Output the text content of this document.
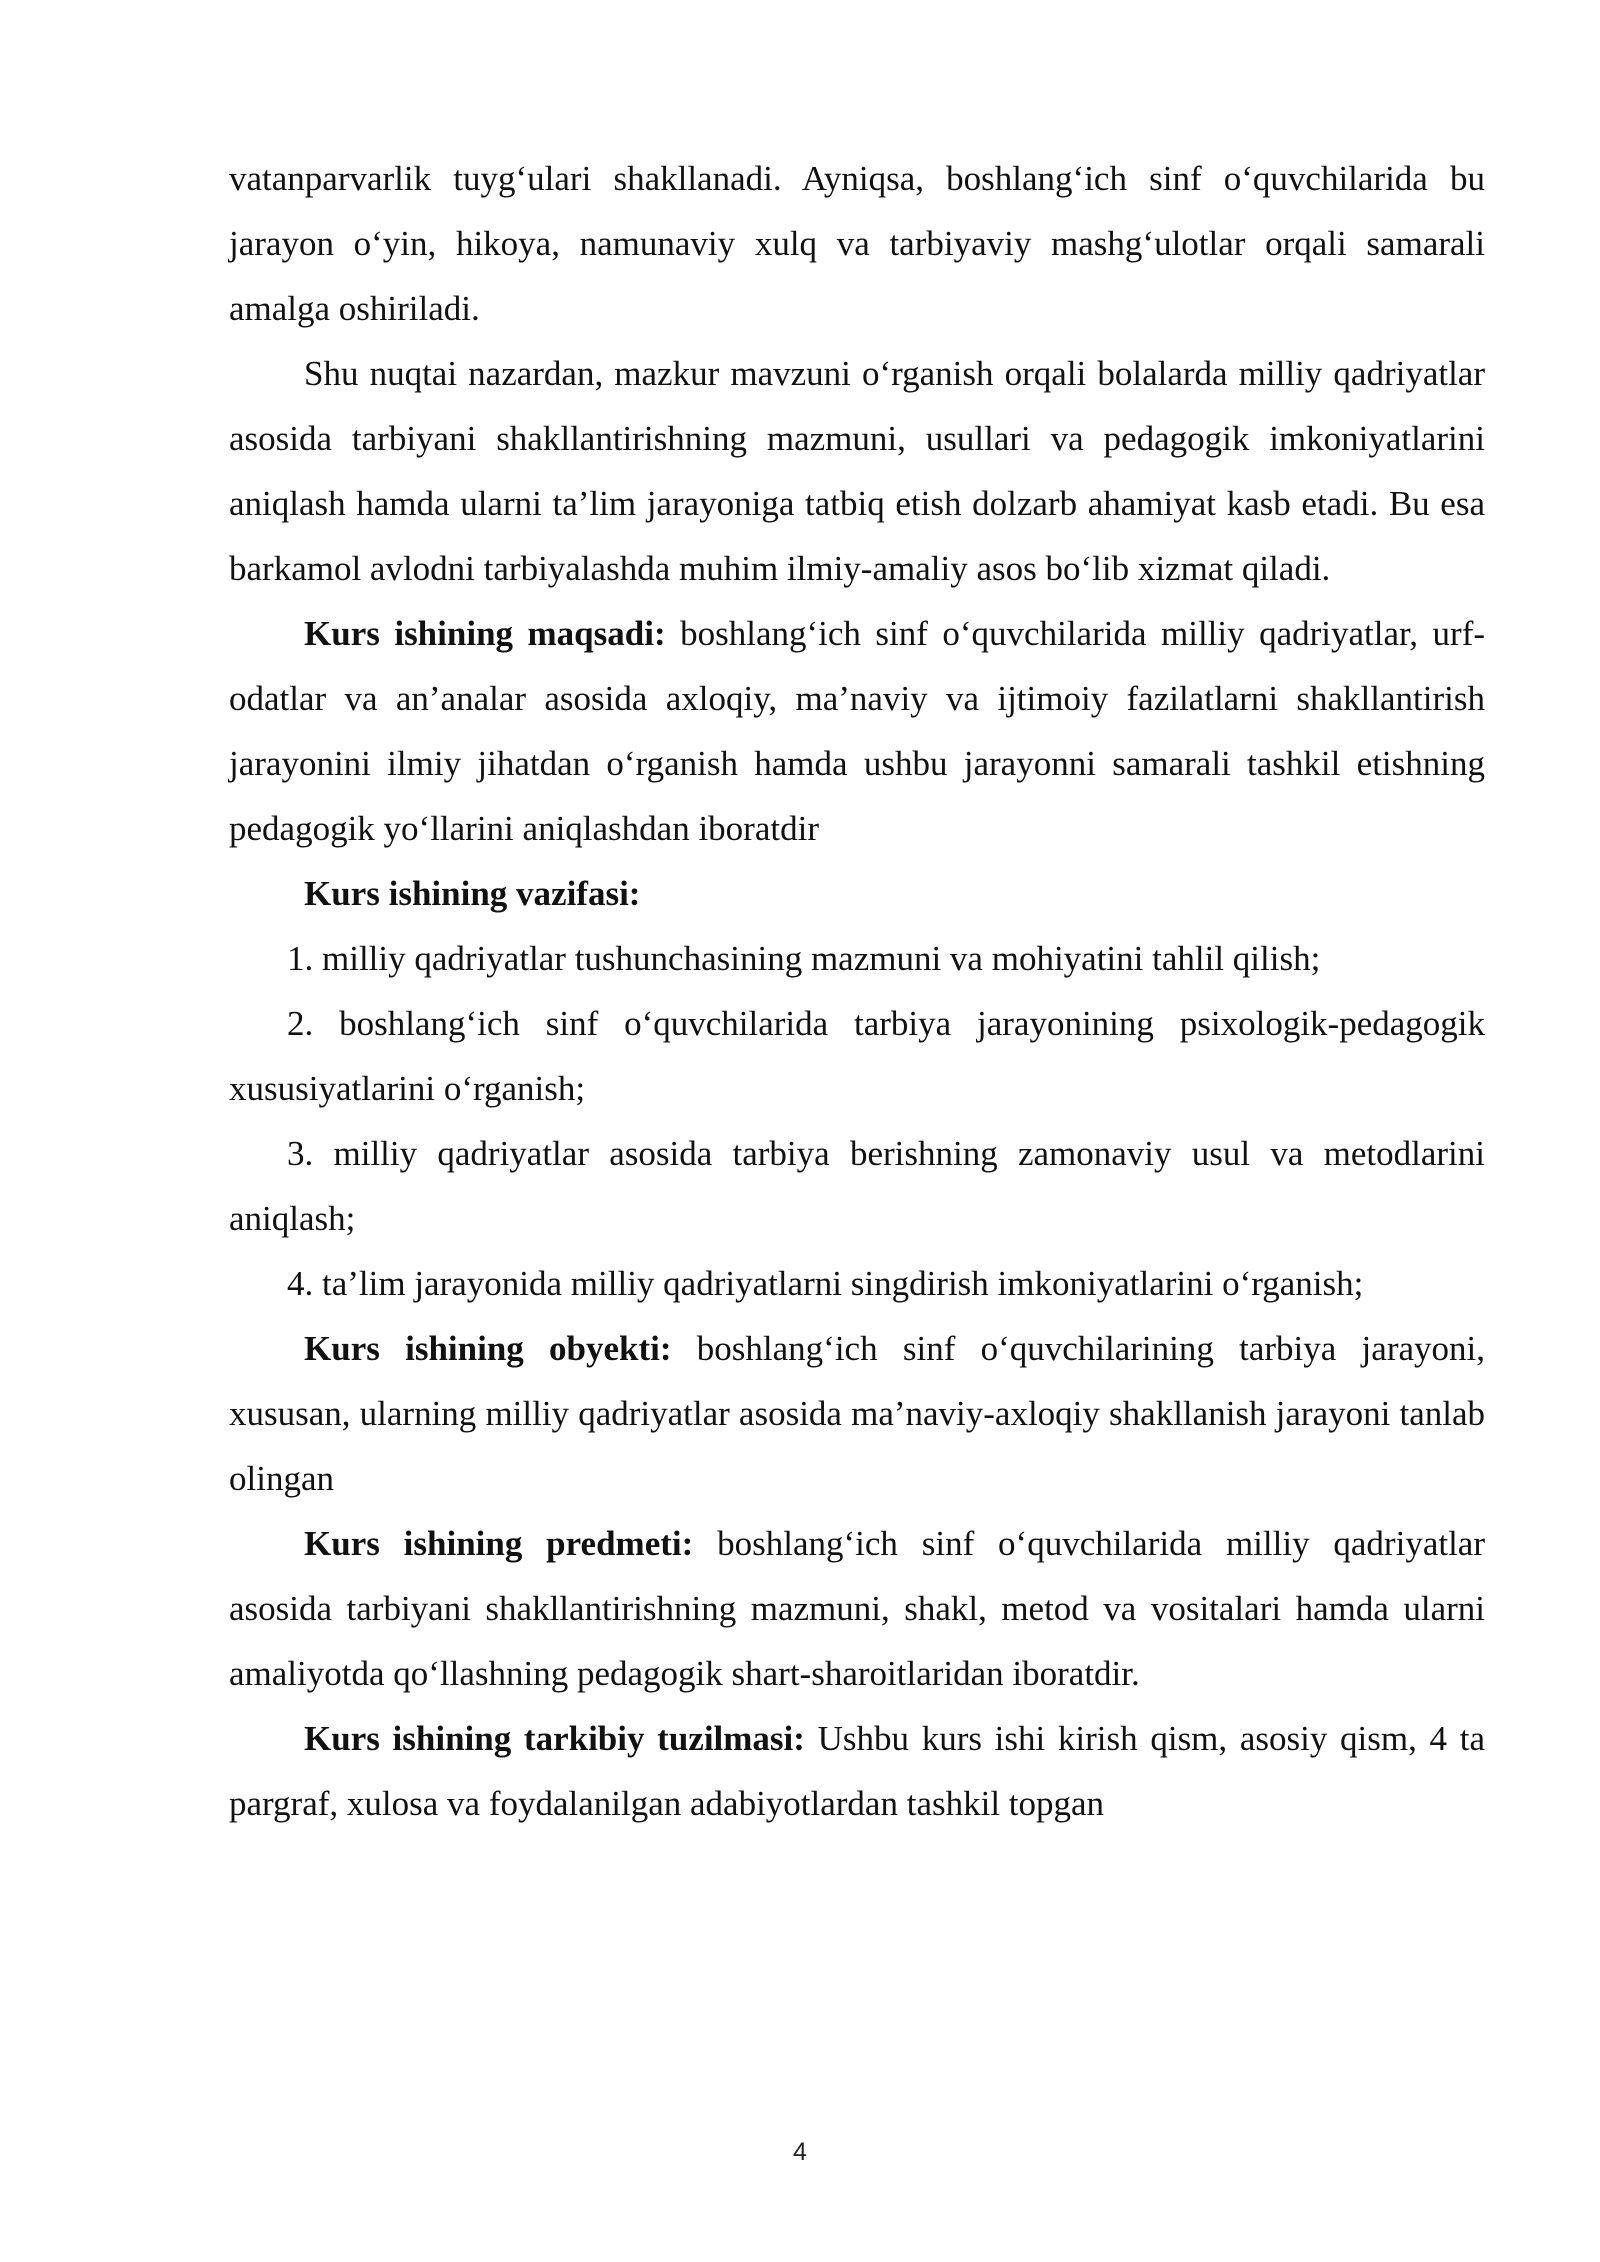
vatanparvarlik tuyg‘ulari shakllanadi. Ayniqsa, boshlang‘ich sinf o‘quvchilarida bu jarayon o‘yin, hikoya, namunaviy xulq va tarbiyaviy mashg‘ulotlar orqali samarali amalga oshiriladi.

Shu nuqtai nazardan, mazkur mavzuni o‘rganish orqali bolalarda milliy qadriyatlar asosida tarbiyani shakllantirishning mazmuni, usullari va pedagogik imkoniyatlarini aniqlash hamda ularni ta’lim jarayoniga tatbiq etish dolzarb ahamiyat kasb etadi. Bu esa barkamol avlodni tarbiyalashda muhim ilmiy-amaliy asos bo‘lib xizmat qiladi.

Kurs ishining maqsadi: boshlang‘ich sinf o‘quvchilarida milliy qadriyatlar, urf-odatlar va an’analar asosida axloqiy, ma’naviy va ijtimoiy fazilatlarni shakllantirish jarayonini ilmiy jihatdan o‘rganish hamda ushbu jarayonni samarali tashkil etishning pedagogik yo‘llarini aniqlashdan iboratdir

Kurs ishining vazifasi:

1. milliy qadriyatlar tushunchasining mazmuni va mohiyatini tahlil qilish;

2. boshlang‘ich sinf o‘quvchilarida tarbiya jarayonining psixologik-pedagogik xususiyatlarini o‘rganish;

3. milliy qadriyatlar asosida tarbiya berishning zamonaviy usul va metodlarini aniqlash;

4. ta’lim jarayonida milliy qadriyatlarni singdirish imkoniyatlarini o‘rganish;

Kurs ishining obyekti: boshlang‘ich sinf o‘quvchilarining tarbiya jarayoni, xususan, ularning milliy qadriyatlar asosida ma’naviy-axloqiy shakllanish jarayoni tanlab olingan

Kurs ishining predmeti: boshlang‘ich sinf o‘quvchilarida milliy qadriyatlar asosida tarbiyani shakllantirishning mazmuni, shakl, metod va vositalari hamda ularni amaliyotda qo‘llashning pedagogik shart-sharoitlaridan iboratdir.

Kurs ishining tarkibiy tuzilmasi: Ushbu kurs ishi kirish qism, asosiy qism, 4 ta pargraf, xulosa va foydalanilgan adabiyotlardan tashkil topgan

4
